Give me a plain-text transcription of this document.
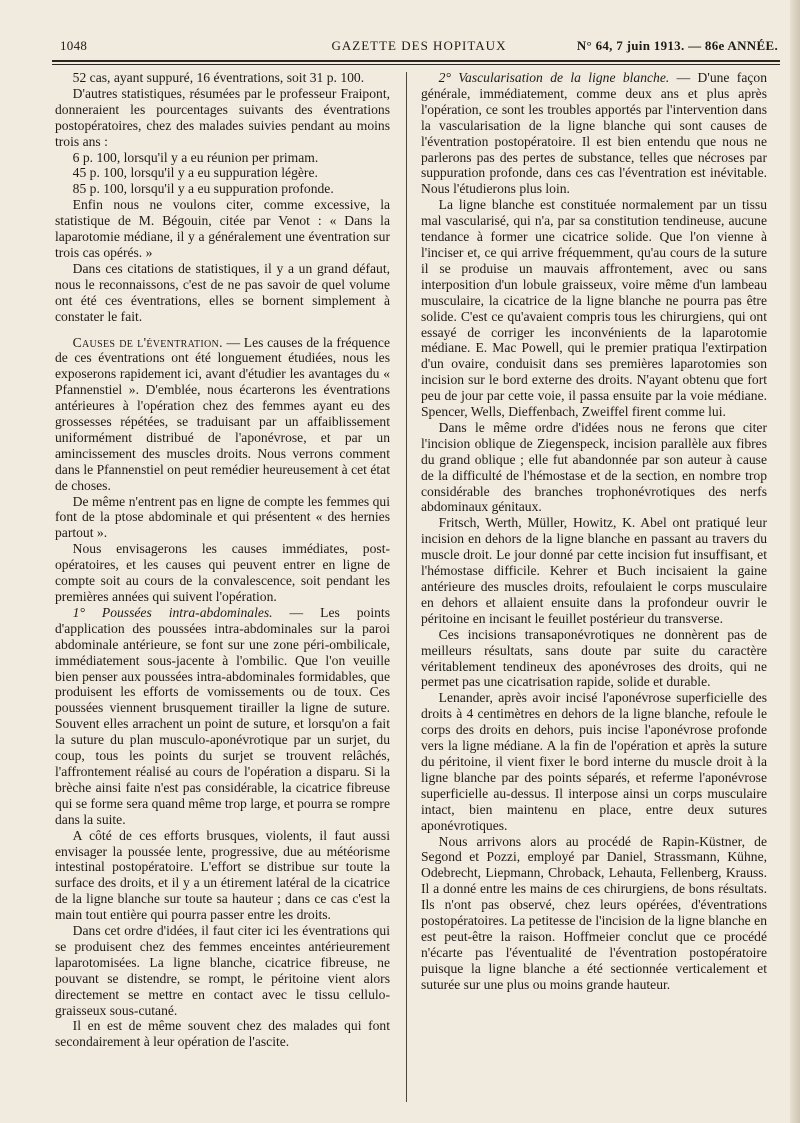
1048	GAZETTE DES HOPITAUX	N° 64, 7 juin 1913. — 86e ANNÉE.

52 cas, ayant suppuré, 16 éventrations, soit 31 p. 100.

D'autres statistiques, résumées par le professeur Fraipont, donneraient les pourcentages suivants des éventrations postopératoires, chez des malades suivies pendant au moins trois ans :

6 p. 100, lorsqu'il y a eu réunion per primam.

45 p. 100, lorsqu'il y a eu suppuration légère.

85 p. 100, lorsqu'il y a eu suppuration profonde.

Enfin nous ne voulons citer, comme excessive, la statistique de M. Bégouin, citée par Venot : « Dans la laparotomie médiane, il y a généralement une éventration sur trois cas opérés. »

Dans ces citations de statistiques, il y a un grand défaut, nous le reconnaissons, c'est de ne pas savoir de quel volume ont été ces éventrations, elles se bornent simplement à constater le fait.

Causes de l'éventration. — Les causes de la fréquence de ces éventrations ont été longuement étudiées, nous les exposerons rapidement ici, avant d'étudier les avantages du « Pfannenstiel ». D'emblée, nous écarterons les éventrations antérieures à l'opération chez des femmes ayant eu des grossesses répétées, se traduisant par un affaiblissement uniformément distribué de l'aponévrose, et par un amincissement des muscles droits. Nous verrons comment dans le Pfannenstiel on peut remédier heureusement à cet état de choses.

De même n'entrent pas en ligne de compte les femmes qui font de la ptose abdominale et qui présentent « des hernies partout ».

Nous envisagerons les causes immédiates, post-opératoires, et les causes qui peuvent entrer en ligne de compte soit au cours de la convalescence, soit pendant les premières années qui suivent l'opération.

1° Poussées intra-abdominales. — Les points d'application des poussées intra-abdominales sur la paroi abdominale antérieure, se font sur une zone péri-ombilicale, immédiatement sous-jacente à l'ombilic. Que l'on veuille bien penser aux poussées intra-abdominales formidables, que produisent les efforts de vomissements ou de toux. Ces poussées viennent brusquement tirailler la ligne de suture. Souvent elles arrachent un point de suture, et lorsqu'on a fait la suture du plan musculo-aponévrotique par un surjet, du coup, tous les points du surjet se trouvent relâchés, l'affrontement réalisé au cours de l'opération a disparu. Si la brèche ainsi faite n'est pas considérable, la cicatrice fibreuse qui se forme sera quand même trop large, et pourra se rompre dans la suite.

A côté de ces efforts brusques, violents, il faut aussi envisager la poussée lente, progressive, due au météorisme intestinal postopératoire. L'effort se distribue sur toute la surface des droits, et il y a un étirement latéral de la cicatrice de la ligne blanche sur toute sa hauteur ; dans ce cas c'est la main tout entière qui pourra passer entre les droits.

Dans cet ordre d'idées, il faut citer ici les éventrations qui se produisent chez des femmes enceintes antérieurement laparotomisées. La ligne blanche, cicatrice fibreuse, ne pouvant se distendre, se rompt, le péritoine vient alors directement se mettre en contact avec le tissu cellulo-graisseux sous-cutané.

Il en est de même souvent chez des malades qui font secondairement à leur opération de l'ascite.

2° Vascularisation de la ligne blanche. — D'une façon générale, immédiatement, comme deux ans et plus après l'opération, ce sont les troubles apportés par l'intervention dans la vascularisation de la ligne blanche qui sont causes de l'éventration postopératoire. Il est bien entendu que nous ne parlerons pas des pertes de substance, telles que nécroses par suppuration profonde, dans ces cas l'éventration est inévitable. Nous l'étudierons plus loin.

La ligne blanche est constituée normalement par un tissu mal vascularisé, qui n'a, par sa constitution tendineuse, aucune tendance à former une cicatrice solide. Que l'on vienne à l'inciser et, ce qui arrive fréquemment, qu'au cours de la suture il se produise un mauvais affrontement, avec ou sans interposition d'un lobule graisseux, voire même d'un lambeau musculaire, la cicatrice de la ligne blanche ne pourra pas être solide. C'est ce qu'avaient compris tous les chirurgiens, qui ont essayé de corriger les inconvénients de la laparotomie médiane. E. Mac Powell, qui le premier pratiqua l'extirpation d'un ovaire, conduisit dans ses premières laparotomies son incision sur le bord externe des droits. N'ayant obtenu que fort peu de jour par cette voie, il passa ensuite par la voie médiane. Spencer, Wells, Dieffenbach, Zweiffel firent comme lui.

Dans le même ordre d'idées nous ne ferons que citer l'incision oblique de Ziegenspeck, incision parallèle aux fibres du grand oblique ; elle fut abandonnée par son auteur à cause de la difficulté de l'hémostase et de la section, en nombre trop considérable des branches trophonévrotiques des nerfs abdominaux génitaux.

Fritsch, Werth, Müller, Howitz, K. Abel ont pratiqué leur incision en dehors de la ligne blanche en passant au travers du muscle droit. Le jour donné par cette incision fut insuffisant, et l'hémostase difficile. Kehrer et Buch incisaient la gaine antérieure des muscles droits, refoulaient le corps musculaire en dehors et allaient ensuite dans la profondeur ouvrir le péritoine en incisant le feuillet postérieur du transverse.

Ces incisions transaponévrotiques ne donnèrent pas de meilleurs résultats, sans doute par suite du caractère véritablement tendineux des aponévroses des droits, qui ne permet pas une cicatrisation rapide, solide et durable.

Lenander, après avoir incisé l'aponévrose superficielle des droits à 4 centimètres en dehors de la ligne blanche, refoule le corps des droits en dehors, puis incise l'aponévrose profonde vers la ligne médiane. A la fin de l'opération et après la suture du péritoine, il vient fixer le bord interne du muscle droit à la ligne blanche par des points séparés, et referme l'aponévrose superficielle au-dessus. Il interpose ainsi un corps musculaire intact, bien maintenu en place, entre deux sutures aponévrotiques.

Nous arrivons alors au procédé de Rapin-Küstner, de Segond et Pozzi, employé par Daniel, Strassmann, Kühne, Odebrecht, Liepmann, Chroback, Lehauta, Fellenberg, Krauss. Il a donné entre les mains de ces chirurgiens, de bons résultats. Ils n'ont pas observé, chez leurs opérées, d'éventrations postopératoires. La petitesse de l'incision de la ligne blanche en est peut-être la raison. Hoffmeier conclut que ce procédé n'écarte pas l'éventualité de l'éventration postopératoire puisque la ligne blanche a été sectionnée verticalement et suturée sur une plus ou moins grande hauteur.
